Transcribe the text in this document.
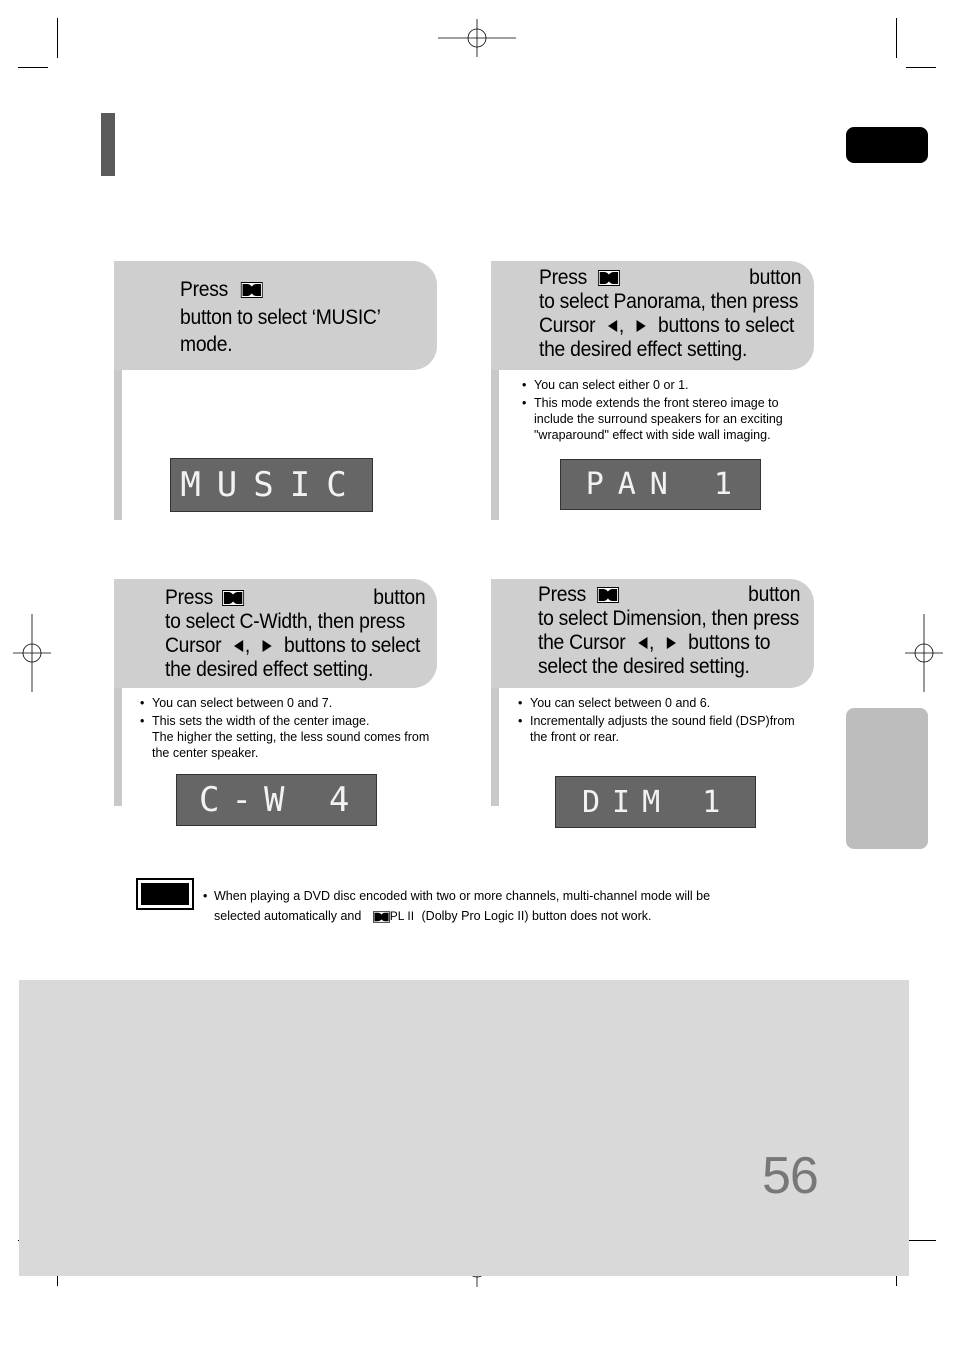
Press
button to select ‘MUSIC’
mode.
MUSIC
Press	button
to select Panorama, then press
Cursor , buttons to select
the desired effect setting.
• You can select either 0 or 1.
• This mode extends the front stereo image to
include the surround speakers for an exciting
"wraparound" effect with side wall imaging.
PAN 1
Press	button
to select C-Width, then press
Cursor , buttons to select
the desired effect setting.
• You can select between 0 and 7.
• This sets the width of the center image.
The higher the setting, the less sound comes from
the center speaker.
C-W 4
Press	button
to select Dimension, then press
the Cursor , buttons to
select the desired setting.
• You can select between 0 and 6.
• Incrementally adjusts the sound field (DSP)from
the front or rear.
DIM 1
• When playing a DVD disc encoded with two or more channels, multi-channel mode will be
selected automatically and PL II (Dolby Pro Logic II) button does not work.
56
